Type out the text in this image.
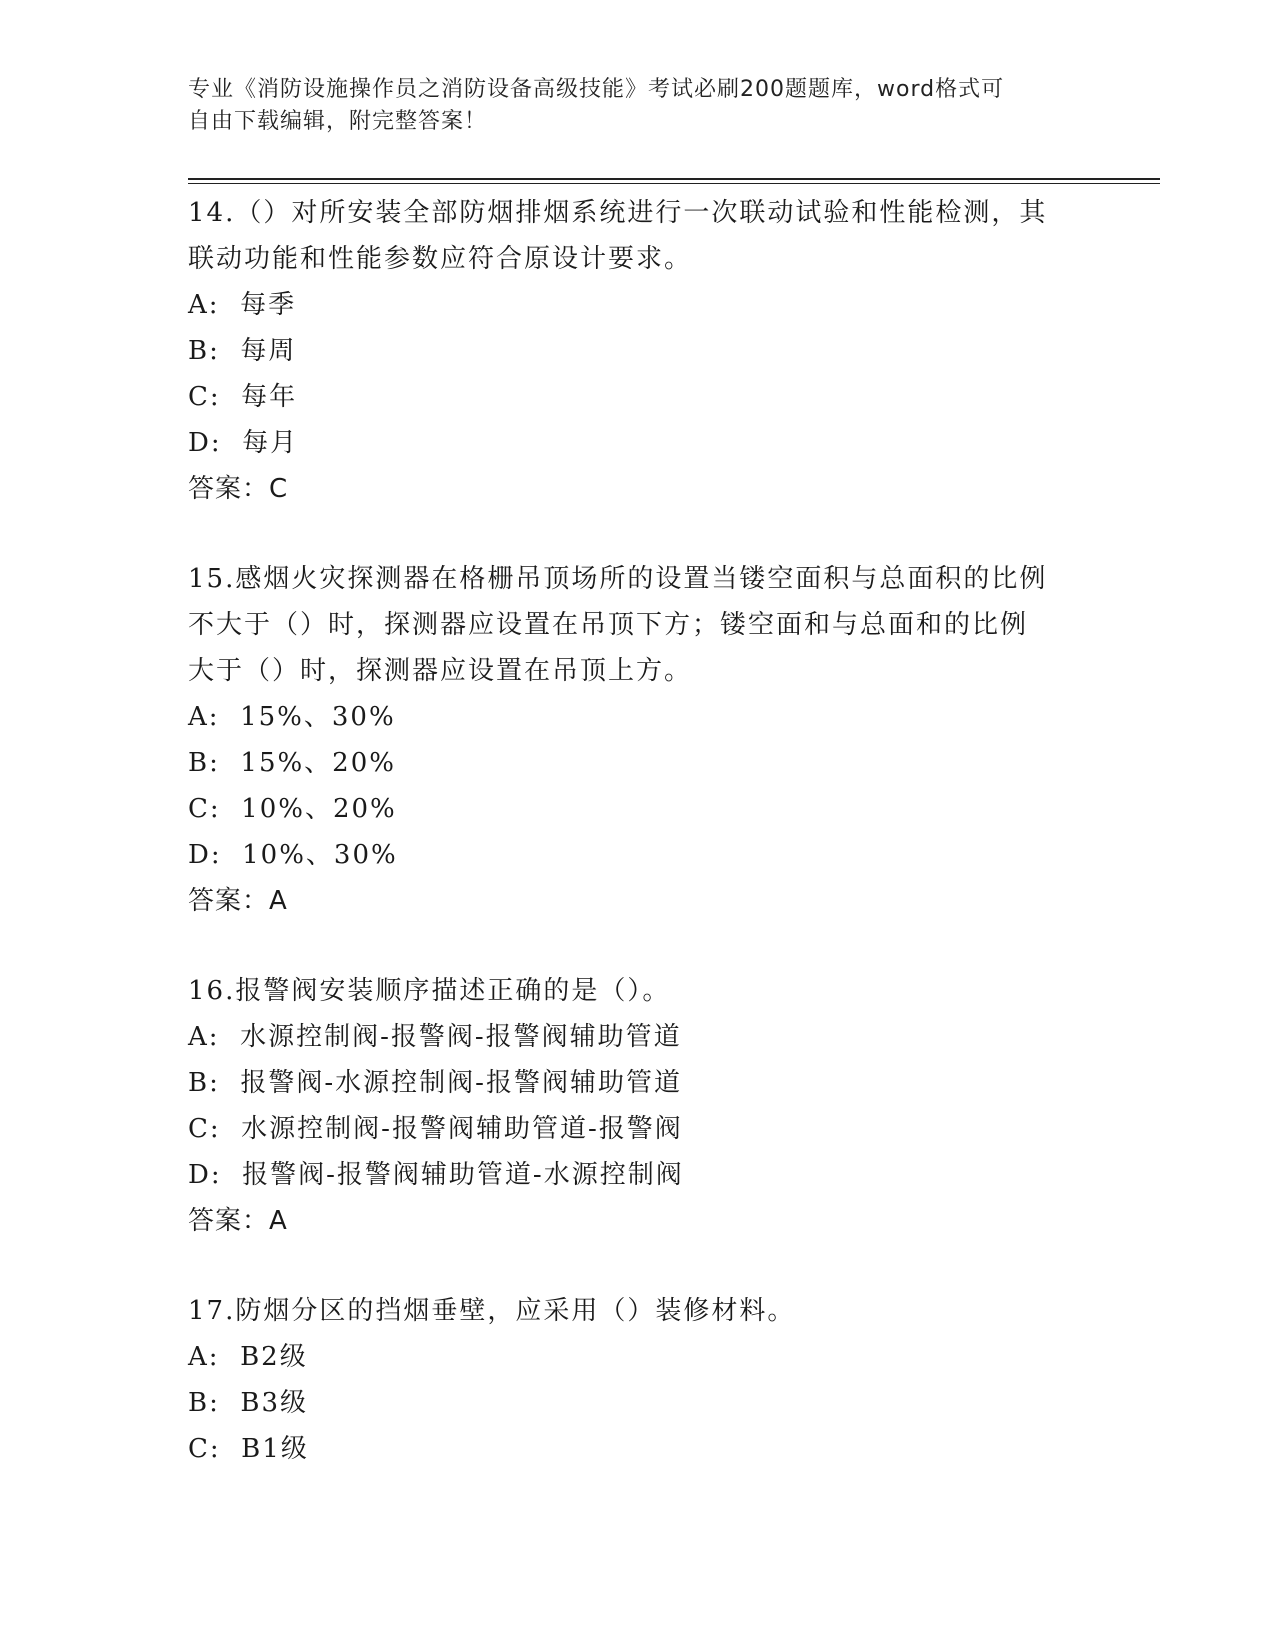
专业《消防设施操作员之消防设备高级技能》考试必刷200题题库，word格式可
自由下载编辑，附完整答案！

14.（）对所安装全部防烟排烟系统进行一次联动试验和性能检测，其

联动功能和性能参数应符合原设计要求。

A:  每季

B:  每周

C:  每年

D:  每月

答案：C

15.感烟火灾探测器在格栅吊顶场所的设置当镂空面积与总面积的比例

不大于（）时，探测器应设置在吊顶下方；镂空面和与总面和的比例

大于（）时，探测器应设置在吊顶上方。

A:  15%、30%

B:  15%、20%

C:  10%、20%

D:  10%、30%

答案：A

16.报警阀安装顺序描述正确的是（）。

A:  水源控制阀-报警阀-报警阀辅助管道

B:  报警阀-水源控制阀-报警阀辅助管道

C:  水源控制阀-报警阀辅助管道-报警阀

D:  报警阀-报警阀辅助管道-水源控制阀

答案：A

17.防烟分区的挡烟垂壁，应采用（）装修材料。

A:  B2级

B:  B3级

C:  B1级
